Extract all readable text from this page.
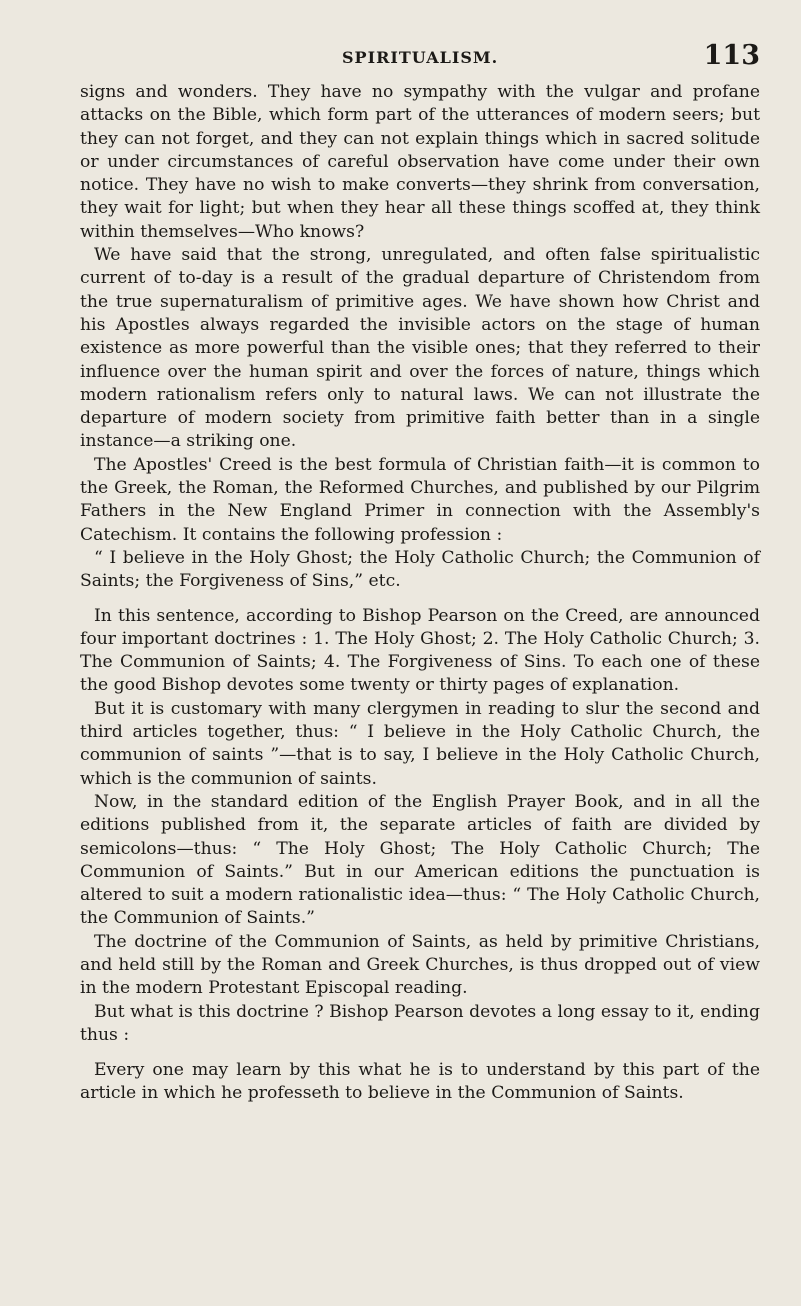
SPIRITUALISM.	113

signs and wonders. They have no sympathy with the vulgar and profane attacks on the Bible, which form part of the utterances of modern seers; but they can not forget, and they can not explain things which in sacred solitude or under circumstances of careful observation have come under their own notice. They have no wish to make converts—they shrink from conversation, they wait for light; but when they hear all these things scoffed at, they think within themselves—Who knows?

We have said that the strong, unregulated, and often false spiritualistic current of to-day is a result of the gradual departure of Christendom from the true supernaturalism of primitive ages. We have shown how Christ and his Apostles always regarded the invisible actors on the stage of human existence as more powerful than the visible ones; that they referred to their influence over the human spirit and over the forces of nature, things which modern rationalism refers only to natural laws. We can not illustrate the departure of modern society from primitive faith better than in a single instance—a striking one.

The Apostles' Creed is the best formula of Christian faith—it is common to the Greek, the Roman, the Reformed Churches, and published by our Pilgrim Fathers in the New England Primer in connection with the Assembly's Catechism. It contains the following profession :

“ I believe in the Holy Ghost; the Holy Catholic Church; the Communion of Saints; the Forgiveness of Sins,” etc.

In this sentence, according to Bishop Pearson on the Creed, are announced four important doctrines : 1. The Holy Ghost; 2. The Holy Catholic Church; 3. The Communion of Saints; 4. The Forgiveness of Sins. To each one of these the good Bishop devotes some twenty or thirty pages of explanation.

But it is customary with many clergymen in reading to slur the second and third articles together, thus: “ I believe in the Holy Catholic Church, the communion of saints ”—that is to say, I believe in the Holy Catholic Church, which is the communion of saints.

Now, in the standard edition of the English Prayer Book, and in all the editions published from it, the separate articles of faith are divided by semicolons—thus: “ The Holy Ghost; The Holy Catholic Church; The Communion of Saints.” But in our American editions the punctuation is altered to suit a modern rationalistic idea—thus: “ The Holy Catholic Church, the Communion of Saints.”

The doctrine of the Communion of Saints, as held by primitive Christians, and held still by the Roman and Greek Churches, is thus dropped out of view in the modern Protestant Episcopal reading.

But what is this doctrine ? Bishop Pearson devotes a long essay to it, ending thus :

Every one may learn by this what he is to understand by this part of the article in which he professeth to believe in the Communion of Saints.
